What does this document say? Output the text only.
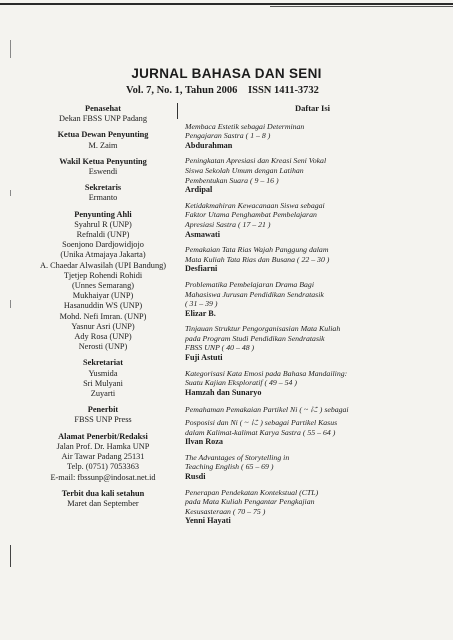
JURNAL BAHASA DAN SENI
Vol. 7, No. 1, Tahun 2006 ISSN 1411-3732
Penasehat
Dekan FBSS UNP Padang
Ketua Dewan Penyunting
M. Zaim
Wakil Ketua Penyunting
Eswendi
Sekretaris
Ermanto
Penyunting Ahli
Syahrul R (UNP)
Refnaldi (UNP)
Soenjono Dardjowidjojo
(Unika Atmajaya Jakarta)
A. Chaedar Alwasilah (UPI Bandung)
Tjetjep Rohendi Rohidi
(Unnes Semarang)
Mukhaiyar (UNP)
Hasanuddin WS (UNP)
Mohd. Nefi Imran. (UNP)
Yasnur Asri (UNP)
Ady Rosa (UNP)
Nerosti (UNP)
Sekretariat
Yusmida
Sri Mulyani
Zuyarti
Penerbit
FBSS UNP Press
Alamat Penerbit/Redaksi
Jalan Prof. Dr. Hamka UNP
Air Tawar Padang 25131
Telp. (0751) 7053363
E-mail: fbssunp@indosat.net.id
Terbit dua kali setahun
Maret dan September
Daftar Isi
Membaca Estetik sebagai Determinan
Pengajaran Sastra ( 1 – 8 )
Abdurahman
Peningkatan Apresiasi dan Kreasi Seni Vokal
Siswa Sekolah Umum dengan Latihan
Pembentukan Suara ( 9 – 16 )
Ardipal
Ketidakmahiran Kewacanaan Siswa sebagai
Faktor Utama Penghambat Pembelajaran
Apresiasi Sastra ( 17 – 21 )
Asmawati
Pemakaian Tata Rias Wajah Panggung dalam
Mata Kuliah Tata Rias dan Busana ( 22 – 30 )
Desfiarni
Problematika Pembelajaran Drama Bagi
Mahasiswa Jurusan Pendidikan Sendratasik
( 31 – 39 )
Elizar B.
Tinjauan Struktur Pengorganisasian Mata Kuliah
pada Program Studi Pendidikan Sendratasik
FBSS UNP ( 40 – 48 )
Fuji Astuti
Kategorisasi Kata Emosi pada Bahasa Mandailing:
Suatu Kajian Eksploratif ( 49 – 54 )
Hamzah dan Sunaryo
Pemahaman Pemakaian Partikel Ni ( ~ に ) sebagai
Posposisi dan Ni ( ~ に ) sebagai Partikel Kasus
dalam Kalimat-kalimat Karya Sastra ( 55 – 64 )
Ilvan Roza
The Advantages of Storytelling in
Teaching English ( 65 – 69 )
Rusdi
Penerapan Pendekatan Kontekstual (CTL)
pada Mata Kuliah Pengantar Pengkajian
Kesusasteraan ( 70 – 75 )
Yenni Hayati
